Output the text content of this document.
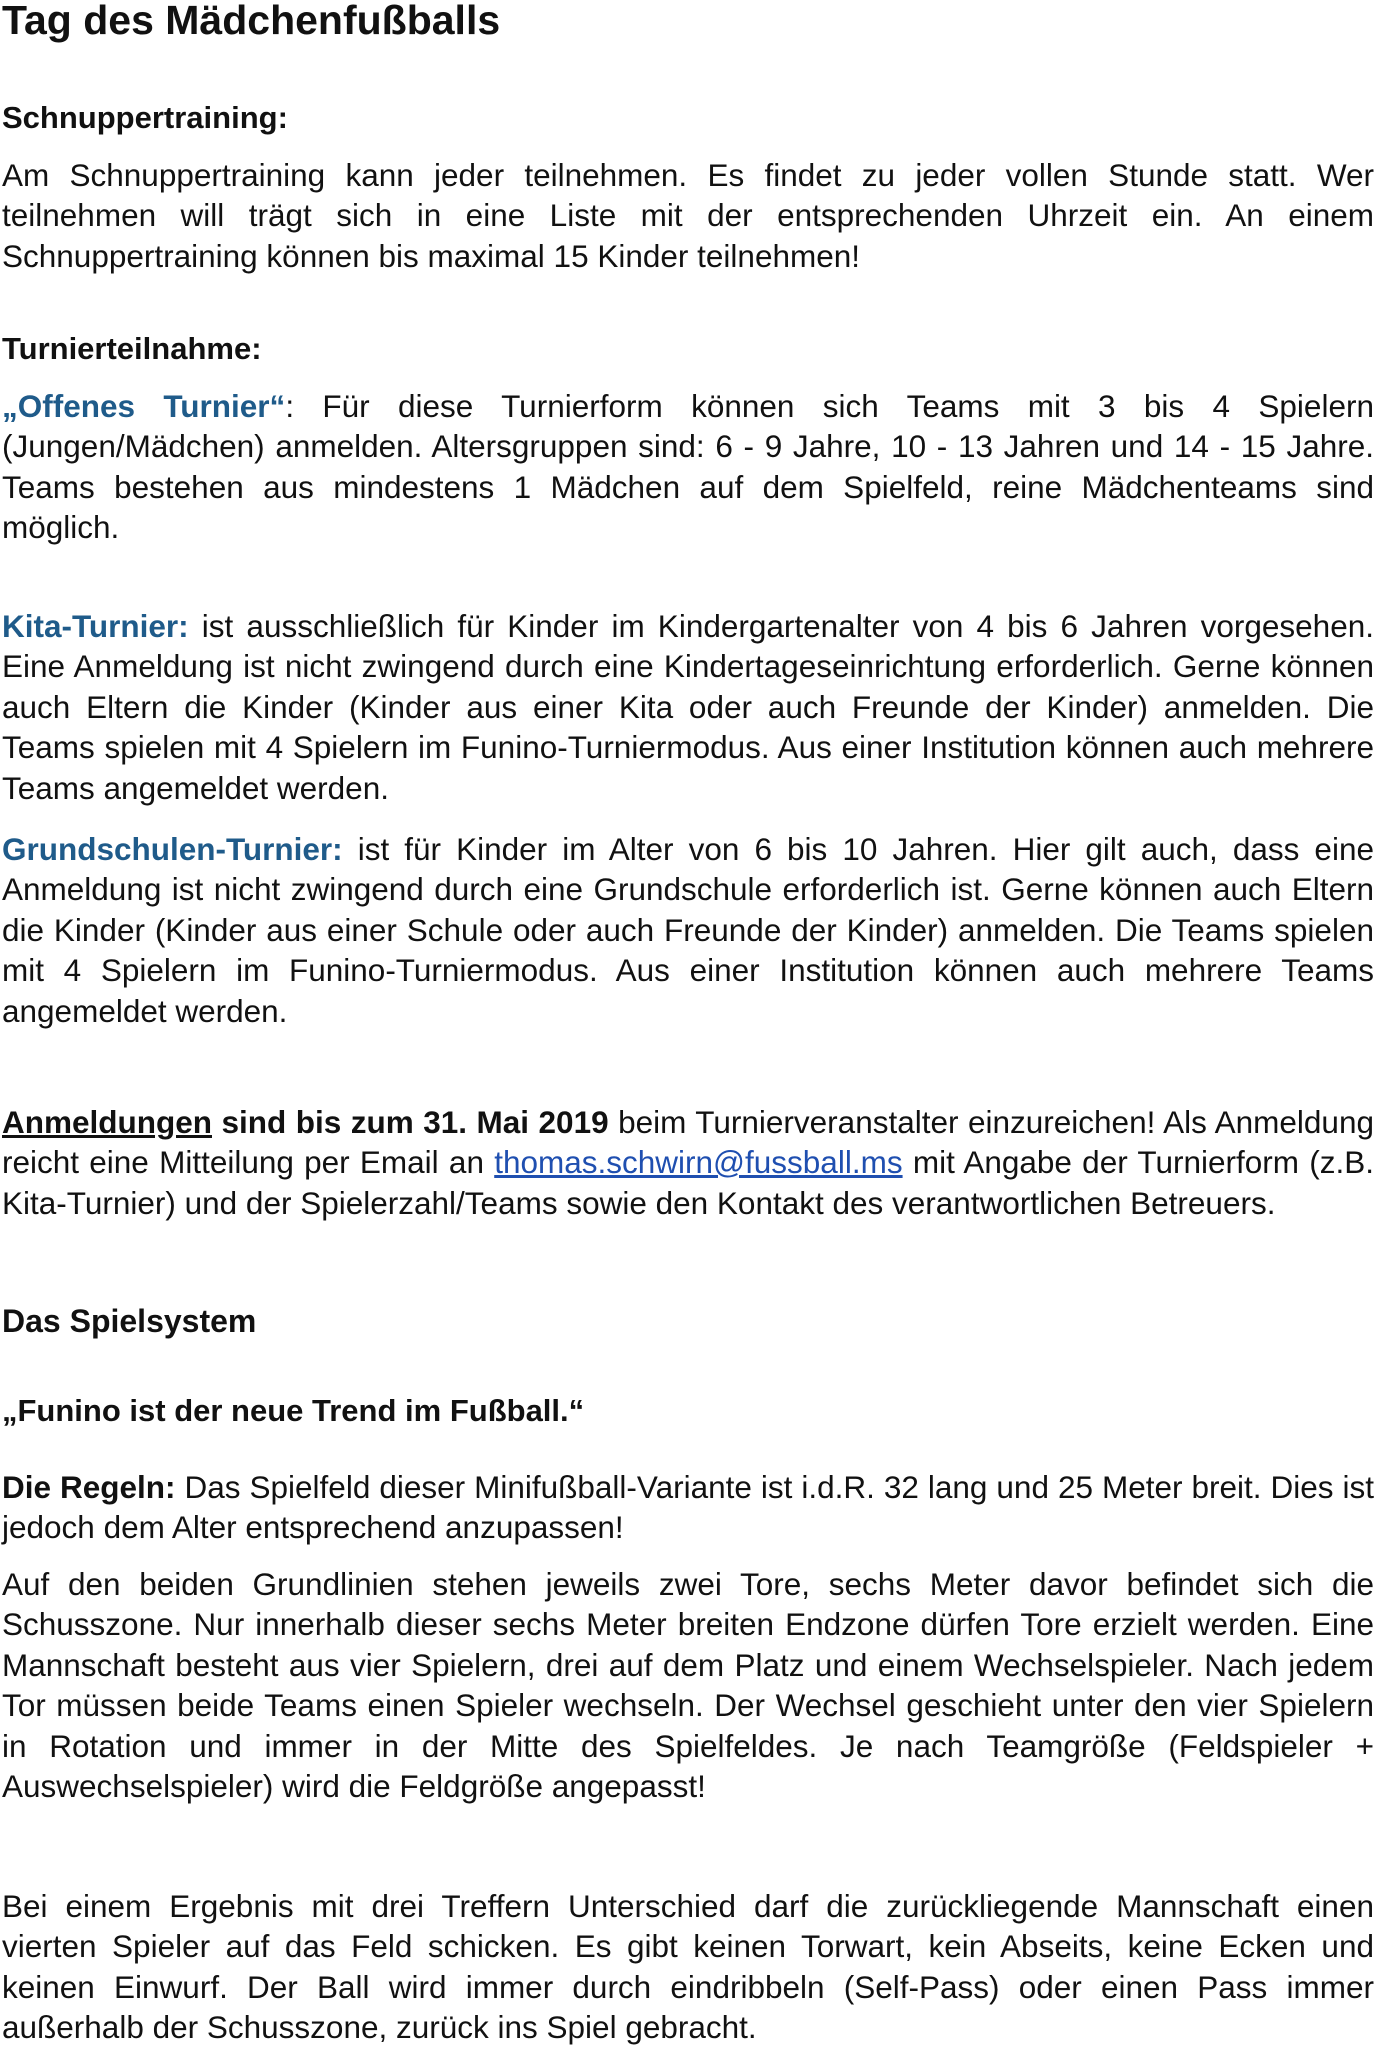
Tag des Mädchenfußballs
Schnuppertraining:

Am Schnuppertraining kann jeder teilnehmen. Es findet zu jeder vollen Stunde statt. Wer teilnehmen will trägt sich in eine Liste mit der entsprechenden Uhrzeit ein. An einem Schnuppertraining können bis maximal 15 Kinder teilnehmen!

Turnierteilnahme:

„Offenes Turnier“: Für diese Turnierform können sich Teams mit 3 bis 4 Spielern (Jungen/Mädchen) anmelden. Altersgruppen sind: 6 - 9 Jahre, 10 - 13 Jahren und 14 - 15 Jahre. Teams bestehen aus mindestens 1 Mädchen auf dem Spielfeld, reine Mädchenteams sind möglich.

Kita-Turnier: ist ausschließlich für Kinder im Kindergartenalter von 4 bis 6 Jahren vorgesehen. Eine Anmeldung ist nicht zwingend durch eine Kindertageseinrichtung erforderlich. Gerne können auch Eltern die Kinder (Kinder aus einer Kita oder auch Freunde der Kinder) anmelden. Die Teams spielen mit 4 Spielern im Funino-Turniermodus. Aus einer Institution können auch mehrere Teams angemeldet werden.

Grundschulen-Turnier: ist für Kinder im Alter von 6 bis 10 Jahren. Hier gilt auch, dass eine Anmeldung ist nicht zwingend durch eine Grundschule erforderlich ist. Gerne können auch Eltern die Kinder (Kinder aus einer Schule oder auch Freunde der Kinder) anmelden. Die Teams spielen mit 4 Spielern im Funino-Turniermodus. Aus einer Institution können auch mehrere Teams angemeldet werden.

Anmeldungen sind bis zum 31. Mai 2019 beim Turnierveranstalter einzureichen! Als Anmeldung reicht eine Mitteilung per Email an thomas.schwirn@fussball.ms mit Angabe der Turnierform (z.B. Kita-Turnier) und der Spielerzahl/Teams sowie den Kontakt des verantwortlichen Betreuers.

Das Spielsystem
„Funino ist der neue Trend im Fußball.“

Die Regeln: Das Spielfeld dieser Minifußball-Variante ist i.d.R. 32 lang und 25 Meter breit. Dies ist jedoch dem Alter entsprechend anzupassen!

Auf den beiden Grundlinien stehen jeweils zwei Tore, sechs Meter davor befindet sich die Schusszone. Nur innerhalb dieser sechs Meter breiten Endzone dürfen Tore erzielt werden. Eine Mannschaft besteht aus vier Spielern, drei auf dem Platz und einem Wechselspieler. Nach jedem Tor müssen beide Teams einen Spieler wechseln. Der Wechsel geschieht unter den vier Spielern in Rotation und immer in der Mitte des Spielfeldes. Je nach Teamgröße (Feldspieler + Auswechselspieler) wird die Feldgröße angepasst!

Bei einem Ergebnis mit drei Treffern Unterschied darf die zurückliegende Mannschaft einen vierten Spieler auf das Feld schicken. Es gibt keinen Torwart, kein Abseits, keine Ecken und keinen Einwurf. Der Ball wird immer durch eindribbeln (Self-Pass) oder einen Pass immer außerhalb der Schusszone, zurück ins Spiel gebracht.
